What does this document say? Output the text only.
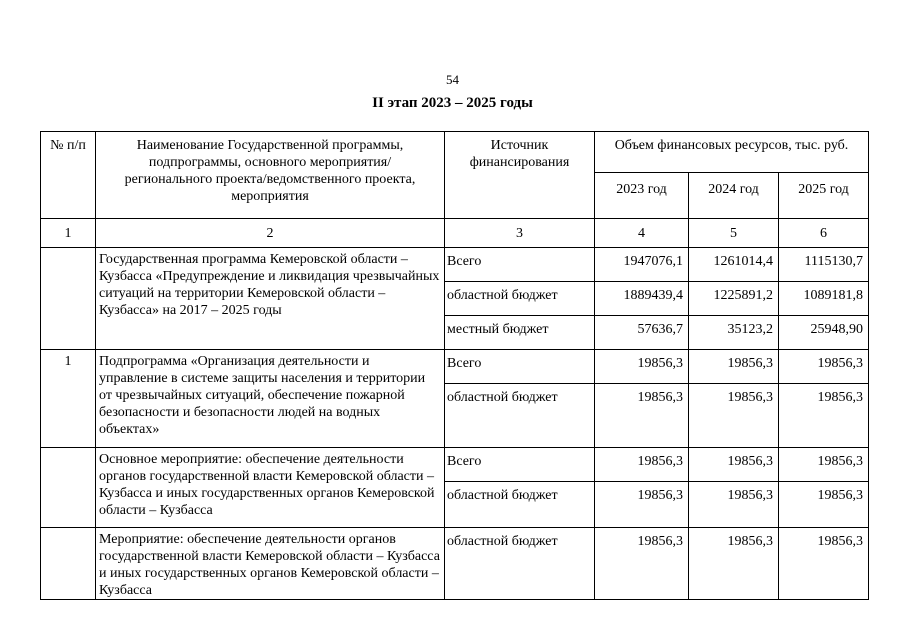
54
II этап 2023 – 2025 годы
№ п/п	Наименование Государственной программы, подпрограммы, основного мероприятия/регионального проекта/ведомственного проекта, мероприятия	Источник финансирования	Объем финансовых ресурсов, тыс. руб.		
			2023 год	2024 год	2025 год
1	2	3	4	5	6
	Государственная программа Кемеровской области – Кузбасса «Предупреждение и ликвидация чрезвычайных ситуаций на территории Кемеровской области – Кузбасса» на 2017 – 2025 годы	Всего	1947076,1	1261014,4	1115130,7
		областной бюджет	1889439,4	1225891,2	1089181,8
		местный бюджет	57636,7	35123,2	25948,90
1	Подпрограмма «Организация деятельности и управление в системе защиты населения и территории от чрезвычайных ситуаций, обеспечение пожарной безопасности и безопасности людей на водных объектах»	Всего	19856,3	19856,3	19856,3
		областной бюджет	19856,3	19856,3	19856,3
	Основное мероприятие: обеспечение деятельности органов государственной власти Кемеровской области – Кузбасса и иных государственных органов Кемеровской области – Кузбасса	Всего	19856,3	19856,3	19856,3
		областной бюджет	19856,3	19856,3	19856,3
	Мероприятие: обеспечение деятельности органов государственной власти Кемеровской области – Кузбасса и иных государственных органов Кемеровской области – Кузбасса	областной бюджет	19856,3	19856,3	19856,3
